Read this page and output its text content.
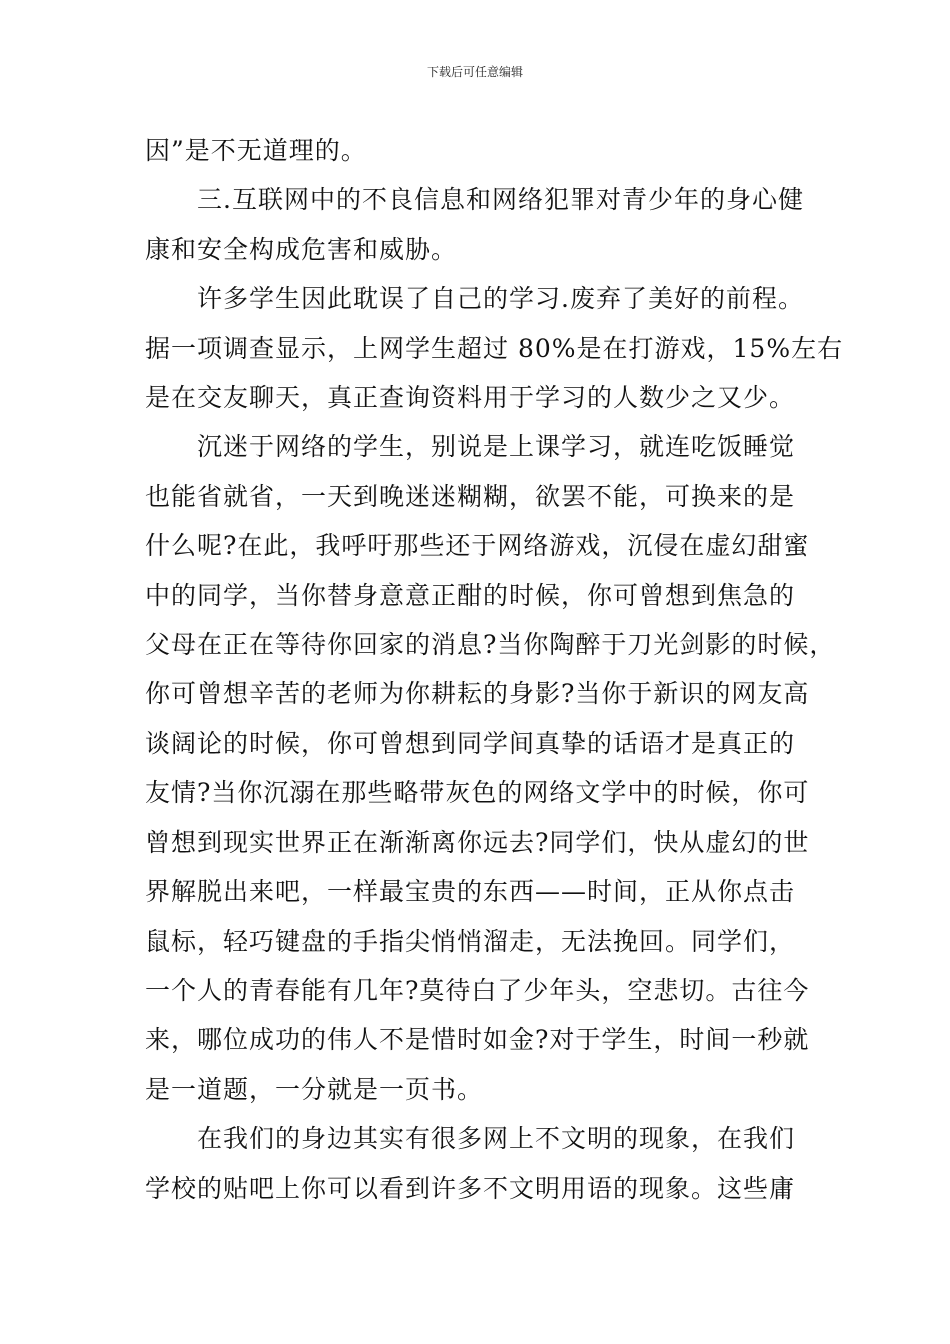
下载后可任意编辑

因”是不无道理的。

三.互联网中的不良信息和网络犯罪对青少年的身心健
康和安全构成危害和威胁。

许多学生因此耽误了自己的学习.废弃了美好的前程。
据一项调查显示，上网学生超过 80%是在打游戏，15%左右
是在交友聊天，真正查询资料用于学习的人数少之又少。

沉迷于网络的学生，别说是上课学习，就连吃饭睡觉
也能省就省，一天到晚迷迷糊糊，欲罢不能，可换来的是
什么呢?在此，我呼吁那些还于网络游戏，沉侵在虚幻甜蜜
中的同学，当你替身意意正酣的时候，你可曾想到焦急的
父母在正在等待你回家的消息?当你陶醉于刀光剑影的时候，
你可曾想辛苦的老师为你耕耘的身影?当你于新识的网友高
谈阔论的时候，你可曾想到同学间真挚的话语才是真正的
友情?当你沉溺在那些略带灰色的网络文学中的时候，你可
曾想到现实世界正在渐渐离你远去?同学们，快从虚幻的世
界解脱出来吧，一样最宝贵的东西——时间，正从你点击
鼠标，轻巧键盘的手指尖悄悄溜走，无法挽回。同学们，
一个人的青春能有几年?莫待白了少年头，空悲切。古往今
来，哪位成功的伟人不是惜时如金?对于学生，时间一秒就
是一道题，一分就是一页书。

在我们的身边其实有很多网上不文明的现象，在我们
学校的贴吧上你可以看到许多不文明用语的现象。这些庸
